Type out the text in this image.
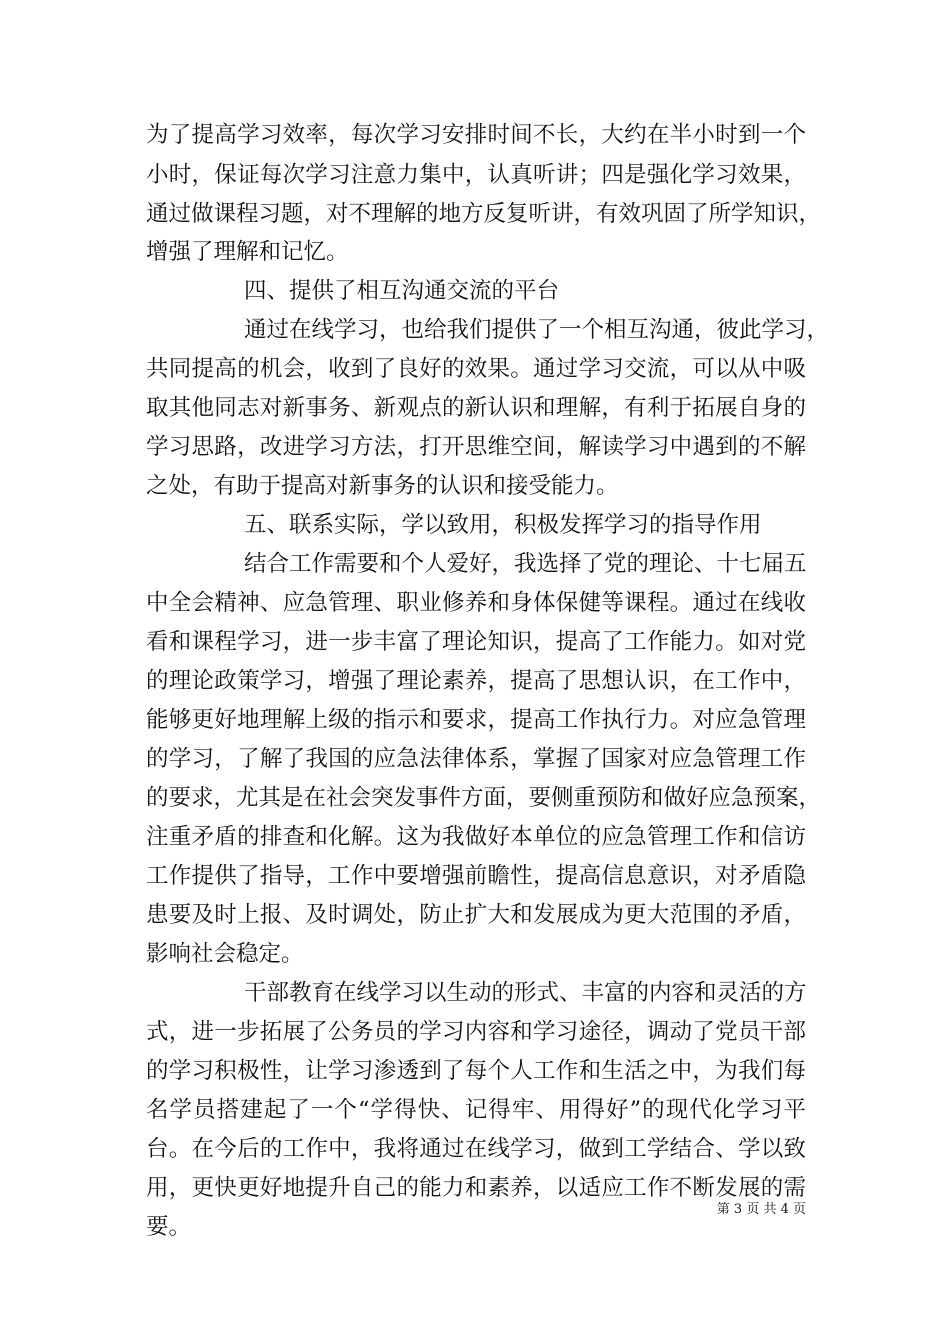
为了提高学习效率，每次学习安排时间不长，大约在半小时到一个
小时，保证每次学习注意力集中，认真听讲；四是强化学习效果，
通过做课程习题，对不理解的地方反复听讲，有效巩固了所学知识，
增强了理解和记忆。
四、提供了相互沟通交流的平台
通过在线学习，也给我们提供了一个相互沟通，彼此学习，
共同提高的机会，收到了良好的效果。通过学习交流，可以从中吸
取其他同志对新事务、新观点的新认识和理解，有利于拓展自身的
学习思路，改进学习方法，打开思维空间，解读学习中遇到的不解
之处，有助于提高对新事务的认识和接受能力。
五、联系实际，学以致用，积极发挥学习的指导作用
结合工作需要和个人爱好，我选择了党的理论、十七届五
中全会精神、应急管理、职业修养和身体保健等课程。通过在线收
看和课程学习，进一步丰富了理论知识，提高了工作能力。如对党
的理论政策学习，增强了理论素养，提高了思想认识，在工作中，
能够更好地理解上级的指示和要求，提高工作执行力。对应急管理
的学习，了解了我国的应急法律体系，掌握了国家对应急管理工作
的要求，尤其是在社会突发事件方面，要侧重预防和做好应急预案，
注重矛盾的排查和化解。这为我做好本单位的应急管理工作和信访
工作提供了指导，工作中要增强前瞻性，提高信息意识，对矛盾隐
患要及时上报、及时调处，防止扩大和发展成为更大范围的矛盾，
影响社会稳定。
干部教育在线学习以生动的形式、丰富的内容和灵活的方
式，进一步拓展了公务员的学习内容和学习途径，调动了党员干部
的学习积极性，让学习渗透到了每个人工作和生活之中，为我们每
名学员搭建起了一个“学得快、记得牢、用得好”的现代化学习平
台。在今后的工作中，我将通过在线学习，做到工学结合、学以致
用，更快更好地提升自己的能力和素养，以适应工作不断发展的需
要。
第 3 页 共 4 页
